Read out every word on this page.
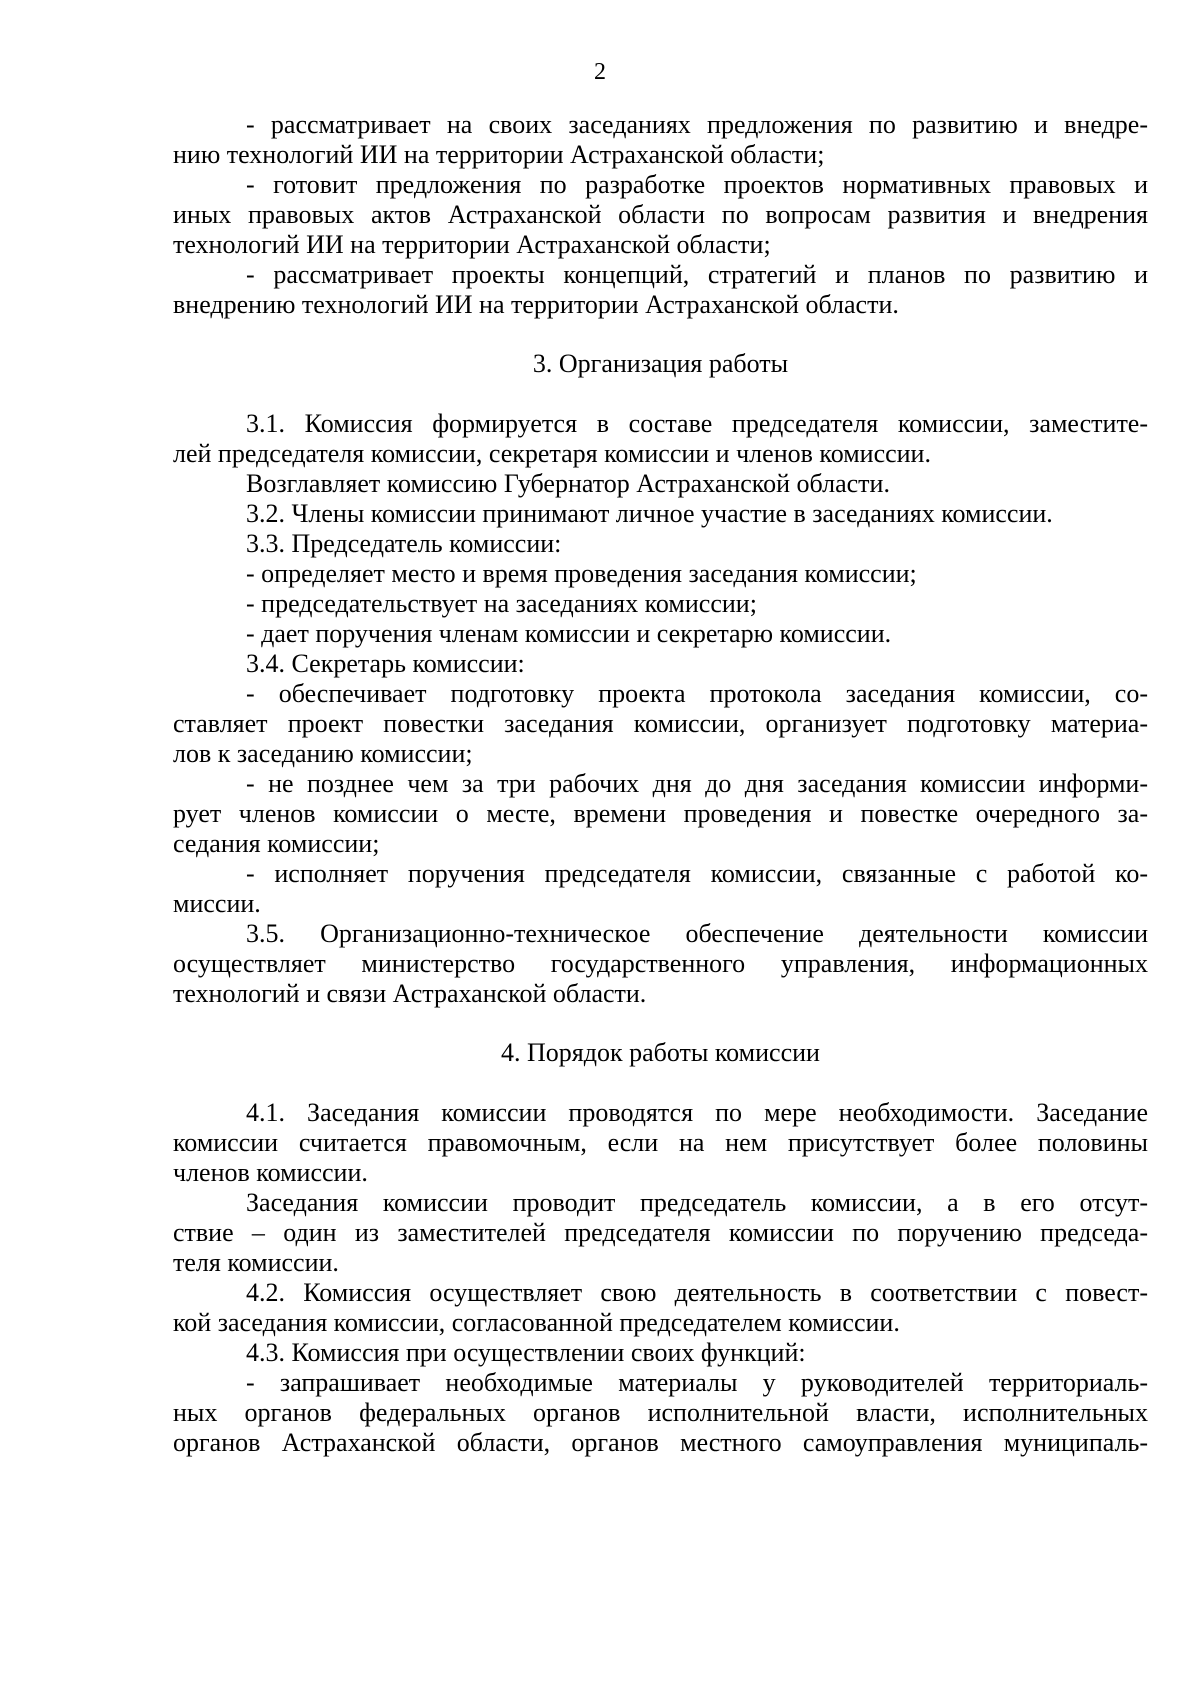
2
- рассматривает на своих заседаниях предложения по развитию и внедре-
нию технологий ИИ на территории Астраханской области;
- готовит предложения по разработке проектов нормативных правовых и
иных правовых актов Астраханской области по вопросам развития и внедрения
технологий ИИ на территории Астраханской области;
- рассматривает проекты концепций, стратегий и планов по развитию и
внедрению технологий ИИ на территории Астраханской области.
3. Организация работы
3.1. Комиссия формируется в составе председателя комиссии, заместите-
лей председателя комиссии, секретаря комиссии и членов комиссии.
Возглавляет комиссию Губернатор Астраханской области.
3.2. Члены комиссии принимают личное участие в заседаниях комиссии.
3.3. Председатель комиссии:
- определяет место и время проведения заседания комиссии;
- председательствует на заседаниях комиссии;
- дает поручения членам комиссии и секретарю комиссии.
3.4. Секретарь комиссии:
- обеспечивает подготовку проекта протокола заседания комиссии, со-
ставляет проект повестки заседания комиссии, организует подготовку материа-
лов к заседанию комиссии;
- не позднее чем за три рабочих дня до дня заседания комиссии информи-
рует членов комиссии о месте, времени проведения и повестке очередного за-
седания комиссии;
- исполняет поручения председателя комиссии, связанные с работой ко-
миссии.
3.5. Организационно-техническое обеспечение деятельности комиссии
осуществляет министерство государственного управления, информационных
технологий и связи Астраханской области.
4. Порядок работы комиссии
4.1. Заседания комиссии проводятся по мере необходимости. Заседание
комиссии считается правомочным, если на нем присутствует более половины
членов комиссии.
Заседания комиссии проводит председатель комиссии, а в его отсут-
ствие – один из заместителей председателя комиссии по поручению председа-
теля комиссии.
4.2. Комиссия осуществляет свою деятельность в соответствии с повест-
кой заседания комиссии, согласованной председателем комиссии.
4.3. Комиссия при осуществлении своих функций:
- запрашивает необходимые материалы у руководителей территориаль-
ных органов федеральных органов исполнительной власти, исполнительных
органов Астраханской области, органов местного самоуправления муниципаль-
